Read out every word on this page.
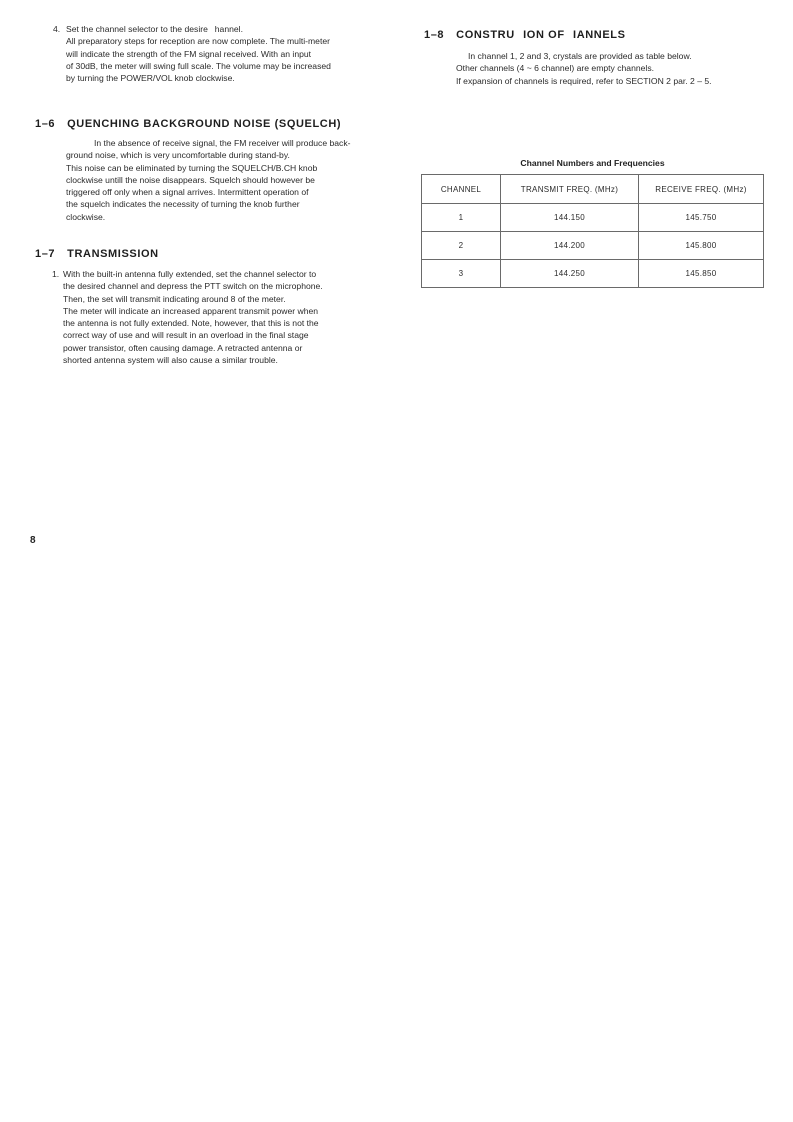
4. Set the channel selector to the desire    hannel.

All preparatory steps for reception are now complete. The multi-meter

will indicate the strength of the FM signal received. With an input

of 30dB, the meter will swing full scale. The volume may be increased

by turning the POWER/VOL knob clockwise.

1–6 QUENCHING BACKGROUND NOISE (SQUELCH)

In the absence of receive signal, the FM receiver will produce back-

ground noise, which is very uncomfortable during stand-by.

This noise can be eliminated by turning the SQUELCH/B.CH knob

clockwise untill the noise disappears. Squelch should however be

triggered off only when a signal arrives. Intermittent operation of

the squelch indicates the necessity of turning the knob further

clockwise.

1–7 TRANSMISSION
1. With the built-in antenna fully extended, set the channel selector to

the desired channel and depress the PTT switch on the microphone.

Then, the set will transmit indicating around 8 of the meter.

The meter will indicate an increased apparent transmit power when

the antenna is not fully extended. Note, however, that this is not the

correct way of use and will result in an overload in the final stage

power transistor, often causing damage. A retracted antenna or

shorted antenna system will also cause a similar trouble.

8
1–8 CONSTRU   ION OF   IANNELS

In channel 1, 2 and 3, crystals are provided as table below.

Other channels (4 ~ 6 channel) are empty channels.

If expansion of channels is required, refer to SECTION 2 par. 2 – 5.

Channel Numbers and Frequencies
CHANNEL	TRANSMIT FREQ. (MHz)	RECEIVE FREQ. (MHz)
1	144.150	145.750
2	144.200	145.800
3	144.250	145.850
